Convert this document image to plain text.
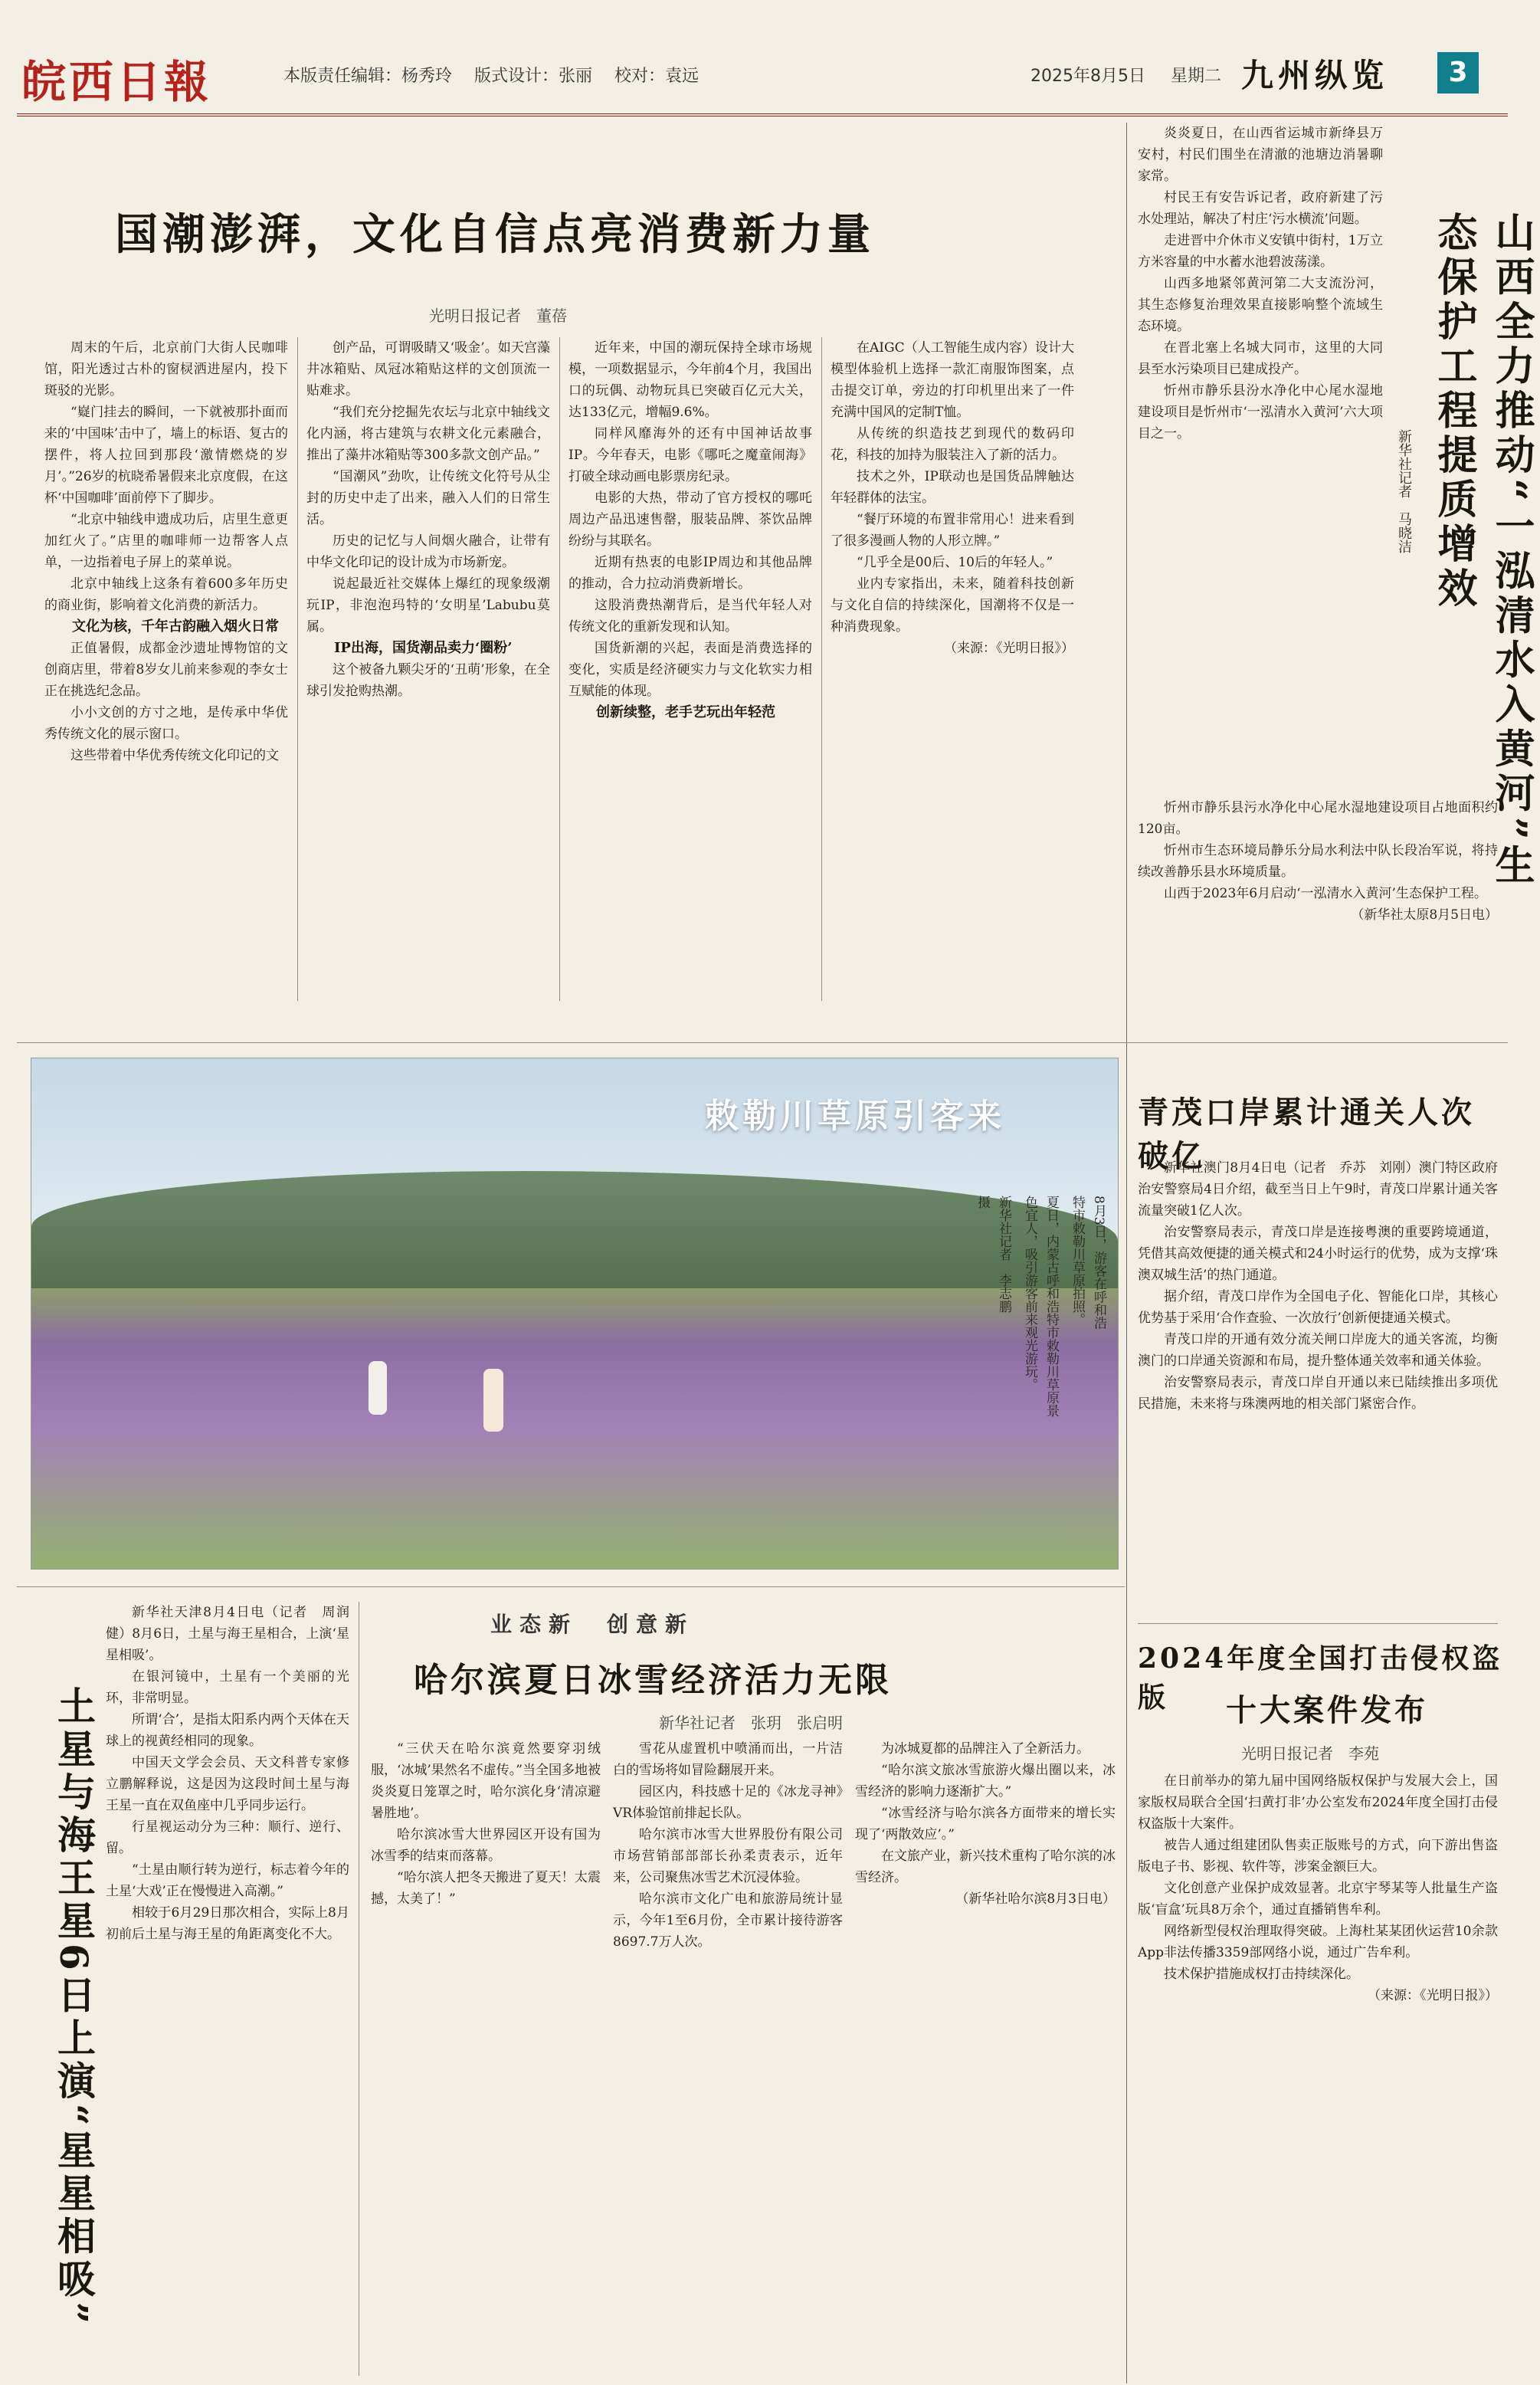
皖西日報	本版责任编辑：杨秀玲 版式设计：张丽 校对：袁远	2025年8月5日 星期二 九州纵览	3
国潮澎湃，文化自信点亮消费新力量
光明日报记者　董蓓

周末的午后，北京前门大街人民咖啡馆，阳光透过古朴的窗棂洒进屋内，投下斑驳的光影。

“嶷门挂去的瞬间，一下就被那扑面而来的‘中国味’击中了，墙上的标语、复古的摆件，将人拉回到那段‘激情燃烧的岁月’。”26岁的杭晓希暑假来北京度假，在这杯‘中国咖啡’面前停下了脚步。

“北京中轴线申遗成功后，店里生意更加红火了。”店里的咖啡师一边帮客人点单，一边指着电子屏上的菜单说。

北京中轴线上这条有着600多年历史的商业街，影响着文化消费的新活力。

文化为核，千年古韵融入烟火日常

正值暑假，成都金沙遗址博物馆的文创商店里，带着8岁女儿前来参观的李女士正在挑选纪念品。

小小文创的方寸之地，是传承中华优秀传统文化的展示窗口。

这些带着中华优秀传统文化印记的文

创产品，可谓吸睛又‘吸金’。如天宫藻井冰箱贴、凤冠冰箱贴这样的文创顶流一贴难求。

“我们充分挖掘先农坛与北京中轴线文化内涵，将古建筑与农耕文化元素融合，推出了藻井冰箱贴等300多款文创产品。”

“国潮风”劲吹，让传统文化符号从尘封的历史中走了出来，融入人们的日常生活。

历史的记忆与人间烟火融合，让带有中华文化印记的设计成为市场新宠。

说起最近社交媒体上爆红的现象级潮玩IP，非泡泡玛特的‘女明星’Labubu莫属。

IP出海，国货潮品卖力‘圈粉’

这个被备九颗尖牙的‘丑萌’形象，在全球引发抢购热潮。

近年来，中国的潮玩保持全球市场规模，一项数据显示，今年前4个月，我国出口的玩偶、动物玩具已突破百亿元大关，达133亿元，增幅9.6%。

同样风靡海外的还有中国神话故事IP。今年春天，电影《哪吒之魔童闹海》打破全球动画电影票房纪录。

电影的大热，带动了官方授权的哪吒周边产品迅速售罄，服装品牌、茶饮品牌纷纷与其联名。

近期有热衷的电影IP周边和其他品牌的推动，合力拉动消费新增长。

这股消费热潮背后，是当代年轻人对传统文化的重新发现和认知。

国货新潮的兴起，表面是消费选择的变化，实质是经济硬实力与文化软实力相互赋能的体现。

创新续整，老手艺玩出年轻范

在AIGC（人工智能生成内容）设计大模型体验机上选择一款汇南服饰图案，点击提交订单，旁边的打印机里出来了一件充满中国风的定制T恤。

从传统的织造技艺到现代的数码印花，科技的加持为服装注入了新的活力。

技术之外，IP联动也是国货品牌触达年轻群体的法宝。

“餐厅环境的布置非常用心！进来看到了很多漫画人物的人形立牌。”

“几乎全是00后、10后的年轻人。”

业内专家指出，未来，随着科技创新与文化自信的持续深化，国潮将不仅是一种消费现象。

（来源：《光明日报》）

炎炎夏日，在山西省运城市新绛县万安村，村民们围坐在清澈的池塘边消暑聊家常。

村民王有安告诉记者，政府新建了污水处理站，解决了村庄‘污水横流’问题。

走进晋中介休市义安镇中街村，1万立方米容量的中水蓄水池碧波荡漾。

山西多地紧邻黄河第二大支流汾河，其生态修复治理效果直接影响整个流域生态环境。

在晋北塞上名城大同市，这里的大同县至水污染项目已建成投产。

忻州市静乐县汾水净化中心尾水湿地建设项目是忻州市‘一泓清水入黄河’六大项目之一。	山西全力推动“一泓清水入黄河”生态保护工程提质增效
新华社记者　马晓洁

忻州市静乐县污水净化中心尾水湿地建设项目占地面积约120亩。

忻州市生态环境局静乐分局水利法中队长段冶军说，将持续改善静乐县水环境质量。

山西于2023年6月启动‘一泓清水入黄河’生态保护工程。

（新华社太原8月5日电）

敕勒川草原引客来
8月3日，游客在呼和浩特市敕勒川草原拍照。
夏日，内蒙古呼和浩特市敕勒川草原景色宜人，吸引游客前来观光游玩。
新华社记者　李志鹏　摄
青茂口岸累计通关人次破亿

新华社澳门8月4日电（记者　乔苏　刘刚）澳门特区政府治安警察局4日介绍，截至当日上午9时，青茂口岸累计通关客流量突破1亿人次。

治安警察局表示，青茂口岸是连接粤澳的重要跨境通道，凭借其高效便捷的通关模式和24小时运行的优势，成为支撑‘珠澳双城生活’的热门通道。

据介绍，青茂口岸作为全国电子化、智能化口岸，其核心优势基于采用‘合作查验、一次放行’创新便捷通关模式。

青茂口岸的开通有效分流关闸口岸庞大的通关客流，均衡澳门的口岸通关资源和布局，提升整体通关效率和通关体验。

治安警察局表示，青茂口岸自开通以来已陆续推出多项优民措施，未来将与珠澳两地的相关部门紧密合作。

2024年度全国打击侵权盗版	十大案件发布
光明日报记者　李苑

在日前举办的第九届中国网络版权保护与发展大会上，国家版权局联合全国‘扫黄打非’办公室发布2024年度全国打击侵权盗版十大案件。

被告人通过组建团队售卖正版账号的方式，向下游出售盗版电子书、影视、软件等，涉案金额巨大。

文化创意产业保护成效显著。北京宇琴某等人批量生产盗版‘盲盒’玩具8万余个，通过直播销售牟利。

网络新型侵权治理取得突破。上海杜某某团伙运营10余款App非法传播3359部网络小说，通过广告牟利。

技术保护措施成权打击持续深化。

（来源：《光明日报》）

土星与海王星6日上演“星星相吸”

新华社天津8月4日电（记者　周润健）8月6日，土星与海王星相合，上演‘星星相吸’。

在银河镜中，土星有一个美丽的光环，非常明显。

所谓‘合’，是指太阳系内两个天体在天球上的视黄经相同的现象。

中国天文学会会员、天文科普专家修立鹏解释说，这是因为这段时间土星与海王星一直在双鱼座中几乎同步运行。

行星视运动分为三种：顺行、逆行、留。

“土星由顺行转为逆行，标志着今年的土星‘大戏’正在慢慢进入高潮。”

相较于6月29日那次相合，实际上8月初前后土星与海王星的角距离变化不大。

业态新　创意新
哈尔滨夏日冰雪经济活力无限
新华社记者　张玥　张启明

“三伏天在哈尔滨竟然要穿羽绒服，‘冰城’果然名不虚传。”当全国多地被炎炎夏日笼罩之时，哈尔滨化身‘清凉避暑胜地’。

哈尔滨冰雪大世界园区开设有国为冰雪季的结束而落幕。

“哈尔滨人把冬天搬进了夏天！太震撼，太美了！”

雪花从虚置机中喷涌而出，一片洁白的雪场将如冒险翻展开来。

园区内，科技感十足的《冰龙寻神》VR体验馆前排起长队。

哈尔滨市冰雪大世界股份有限公司市场营销部部部长孙柔责表示，近年来，公司聚焦冰雪艺术沉浸体验。

哈尔滨市文化广电和旅游局统计显示，今年1至6月份，全市累计接待游客8697.7万人次。

为冰城夏都的品牌注入了全新活力。

“哈尔滨文旅冰雪旅游火爆出圈以来，冰雪经济的影响力逐渐扩大。”

“冰雪经济与哈尔滨各方面带来的增长实现了‘两散效应’。”

在文旅产业，新兴技术重构了哈尔滨的冰雪经济。

（新华社哈尔滨8月3日电）
